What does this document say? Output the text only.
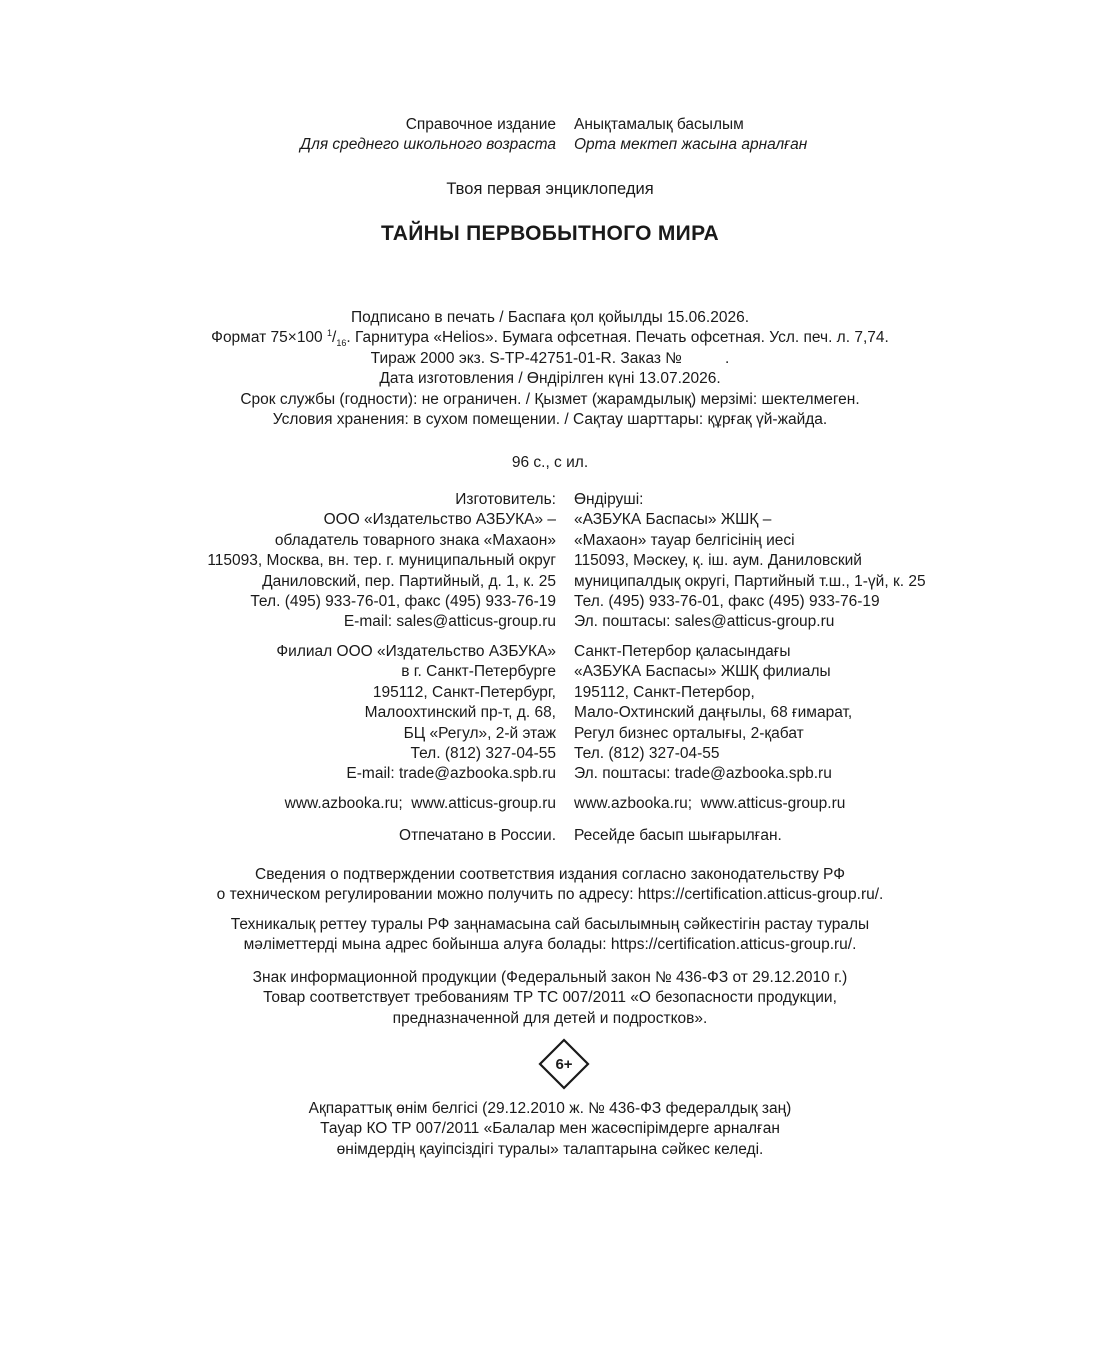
Справочное издание
Для среднего школьного возраста
Анықтамалық басылым
Орта мектеп жасына арналған
Твоя первая энциклопедия
ТАЙНЫ ПЕРВОБЫТНОГО МИРА
Подписано в печать / Баспаға қол қойылды 15.06.2026.
Формат 75×100 $^1/_{16}$. Гарнитура «Helios». Бумага офсетная. Печать офсетная. Усл. печ. л. 7,74.
Тираж 2000 экз. S-TP-42751-01-R. Заказ №          .
Дата изготовления / Өндірілген күні 13.07.2026.
Срок службы (годности): не ограничен. / Қызмет (жарамдылық) мерзімі: шектелмеген.
Условия хранения: в сухом помещении. / Сақтау шарттары: құрғақ үй-жайда.
96 с., с ил.
Изготовитель:
ООО «Издательство АЗБУКА» –
обладатель товарного знака «Махаон»
115093, Москва, вн. тер. г. муниципальный округ
Даниловский, пер. Партийный, д. 1, к. 25
Тел. (495) 933-76-01, факс (495) 933-76-19
E-mail: sales@atticus-group.ru
Өндіруші:
«АЗБУКА Баспасы» ЖШҚ –
«Махаон» тауар белгісінің иесі
115093, Мәскеу, қ. іш. аум. Даниловский
муниципалдық округі, Партийный т.ш., 1-үй, к. 25
Тел. (495) 933-76-01, факс (495) 933-76-19
Эл. поштасы: sales@atticus-group.ru
Филиал ООО «Издательство АЗБУКА»
в г. Санкт-Петербурге
195112, Санкт-Петербург,
Малоохтинский пр-т, д. 68,
БЦ «Регул», 2-й этаж
Тел. (812) 327-04-55
E-mail: trade@azbooka.spb.ru
Санкт-Петербор қаласындағы
«АЗБУКА Баспасы» ЖШҚ филиалы
195112, Санкт-Петербор,
Мало-Охтинский даңғылы, 68 ғимарат,
Регул бизнес орталығы, 2-қабат
Тел. (812) 327-04-55
Эл. поштасы: trade@azbooka.spb.ru
www.azbooka.ru;  www.atticus-group.ru www.azbooka.ru;  www.atticus-group.ru
Отпечатано в России. Ресейде басып шығарылған.
Сведения о подтверждении соответствия издания согласно законодательству РФ
о техническом регулировании можно получить по адресу: https://certification.atticus-group.ru/.
Техникалық реттеу туралы РФ заңнамасына сай басылымның сәйкестігін растау туралы
мәліметтерді мына адрес бойынша алуға болады: https://certification.atticus-group.ru/.
Знак информационной продукции (Федеральный закон № 436-ФЗ от 29.12.2010 г.)
Товар соответствует требованиям ТР ТС 007/2011 «О безопасности продукции,
предназначенной для детей и подростков».
6+
Ақпараттық өнім белгісі (29.12.2010 ж. № 436-ФЗ федералдық заң)
Тауар КО ТР 007/2011 «Балалар мен жасөспірімдерге арналған
өнімдердің қауіпсіздігі туралы» талаптарына сәйкес келеді.
